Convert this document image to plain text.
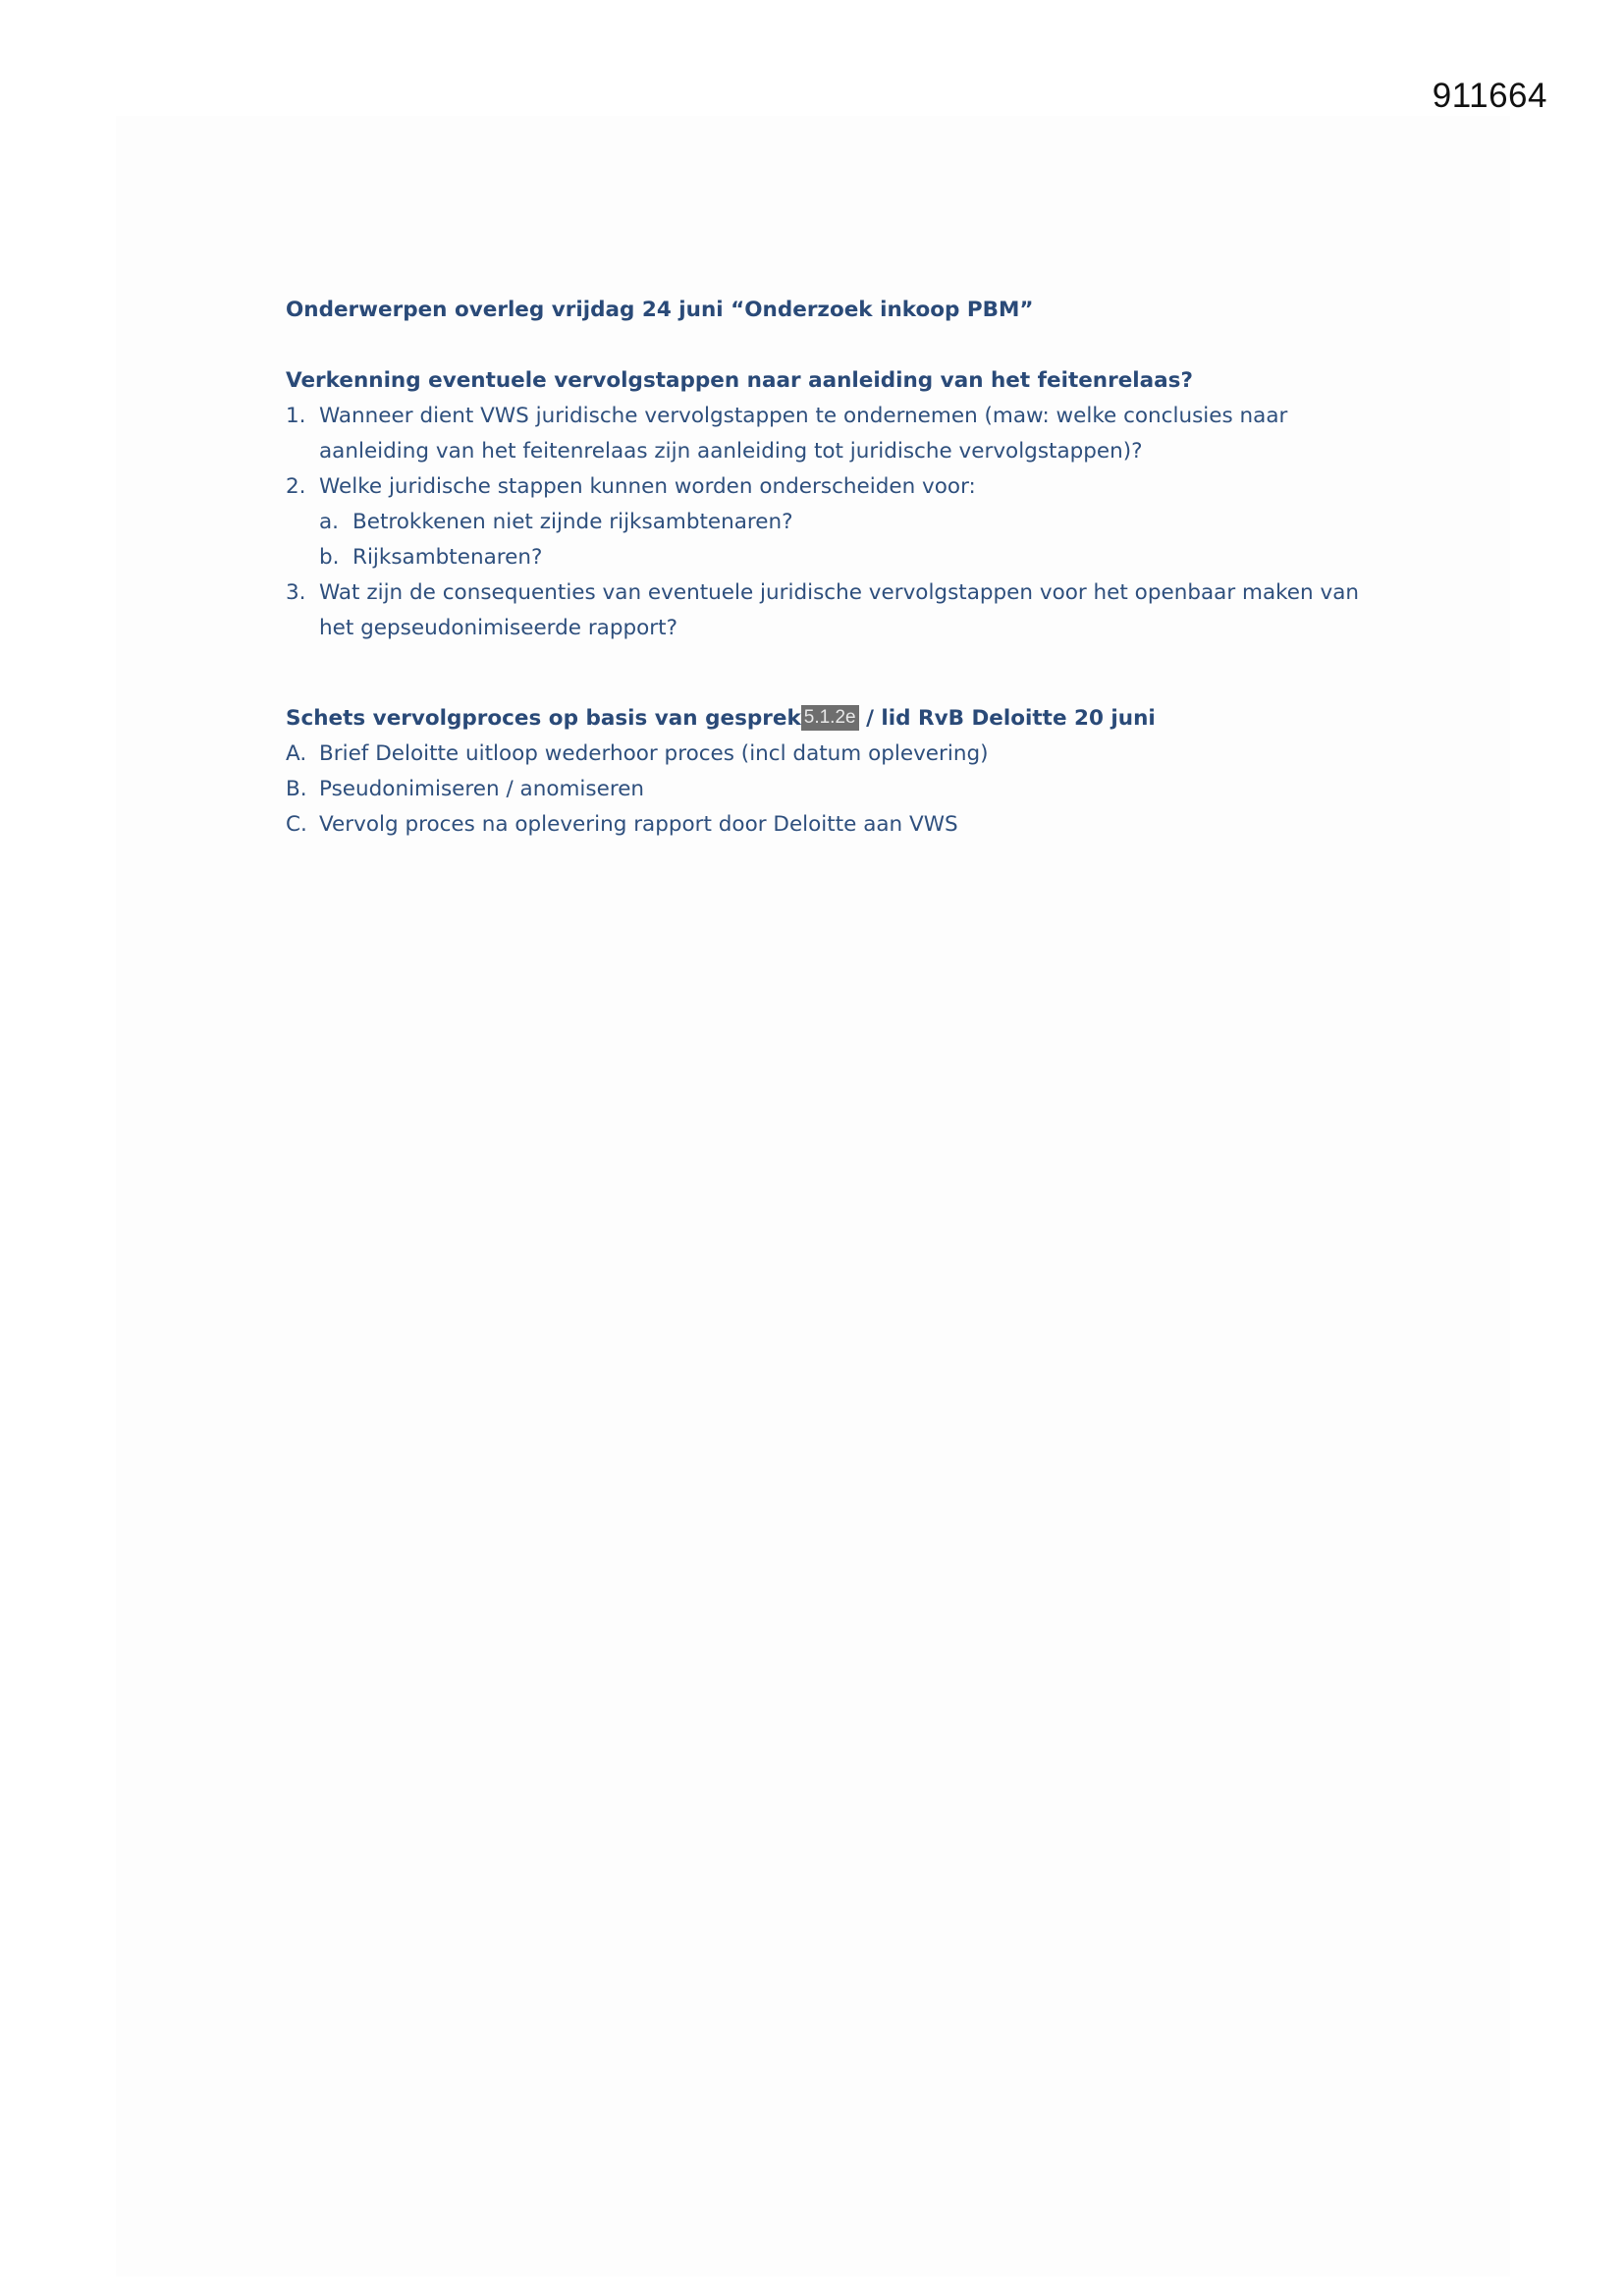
911664

Onderwerpen overleg vrijdag 24 juni “Onderzoek inkoop PBM”

Verkenning eventuele vervolgstappen naar aanleiding van het feitenrelaas?

1. Wanneer dient VWS juridische vervolgstappen te ondernemen (maw: welke conclusies naar aanleiding van het feitenrelaas zijn aanleiding tot juridische vervolgstappen)?
2. Welke juridische stappen kunnen worden onderscheiden voor:
a. Betrokkenen niet zijnde rijksambtenaren?
b. Rijksambtenaren?
3. Wat zijn de consequenties van eventuele juridische vervolgstappen voor het openbaar maken van het gepseudonimiseerde rapport?

Schets vervolgproces op basis van gesprek 5.1.2e / lid RvB Deloitte 20 juni

A. Brief Deloitte uitloop wederhoor proces (incl datum oplevering)
B. Pseudonimiseren / anomiseren
C. Vervolg proces na oplevering rapport door Deloitte aan VWS
